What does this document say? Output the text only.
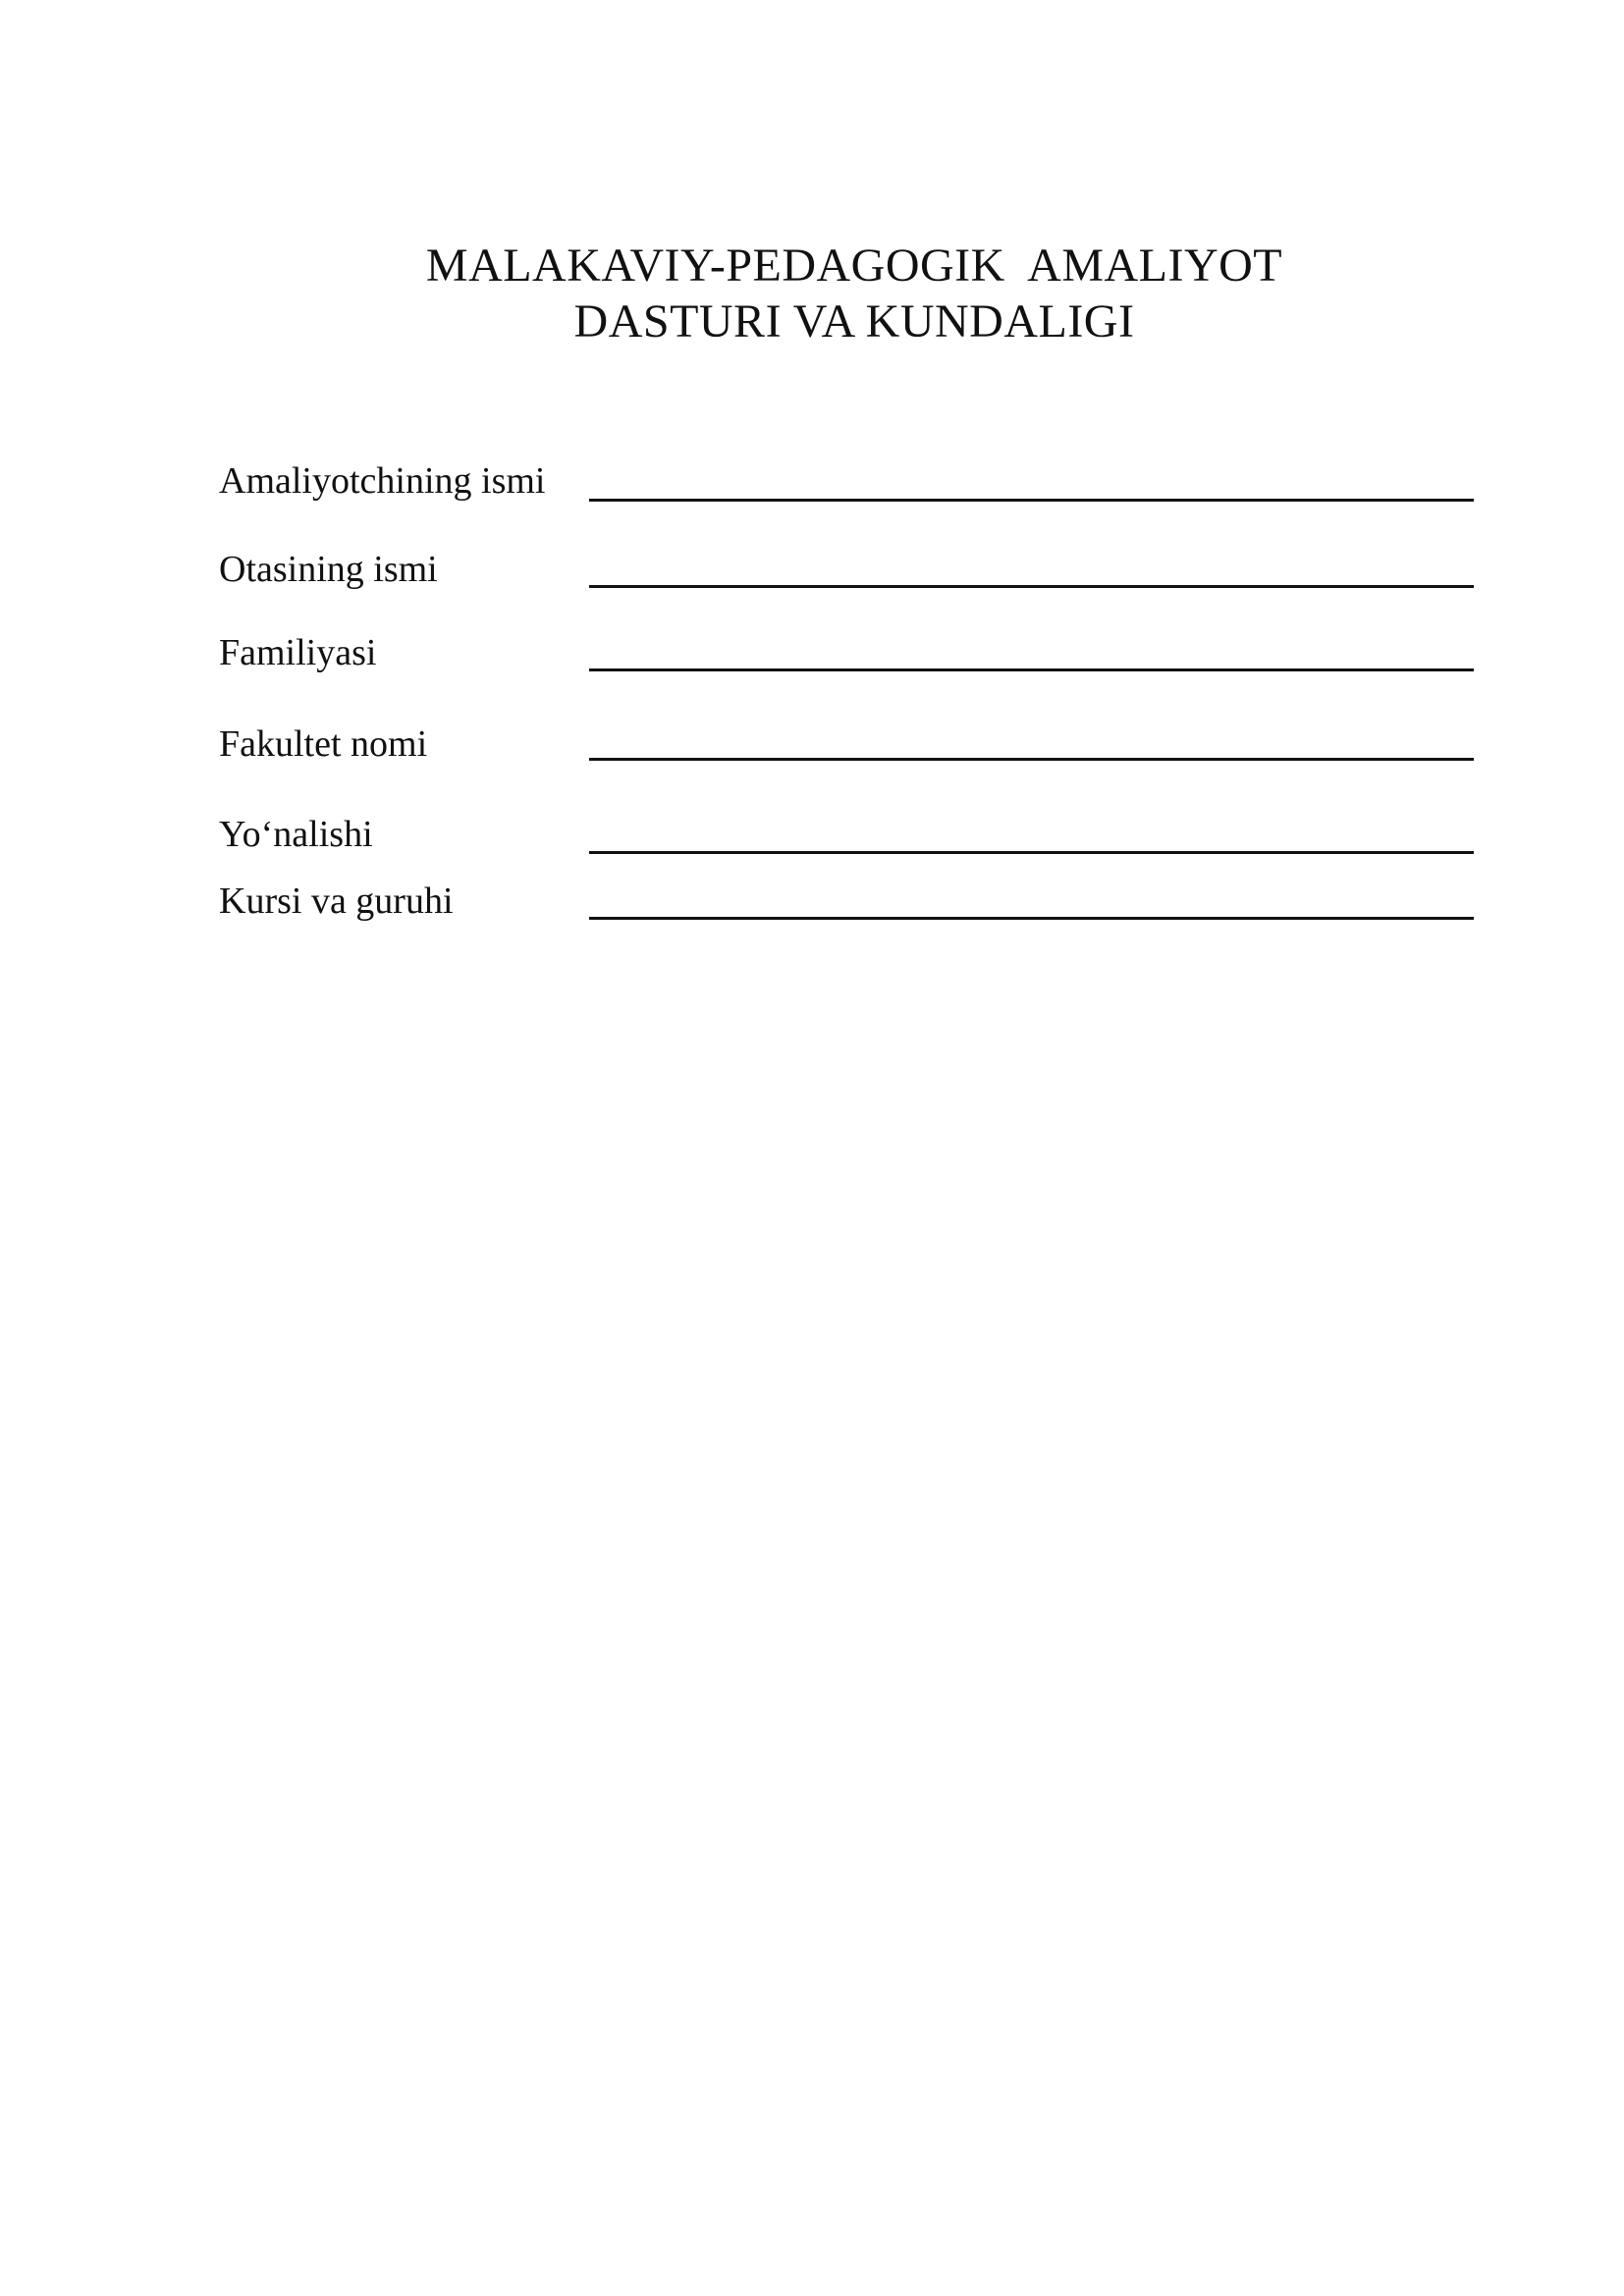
MALAKAVIY-PEDAGOGIK  AMALIYOT
DASTURI VA KUNDALIGI
Amaliyotchining ismi
Otasining ismi
Familiyasi
Fakultet nomi
Yo‘nalishi
Kursi va guruhi
